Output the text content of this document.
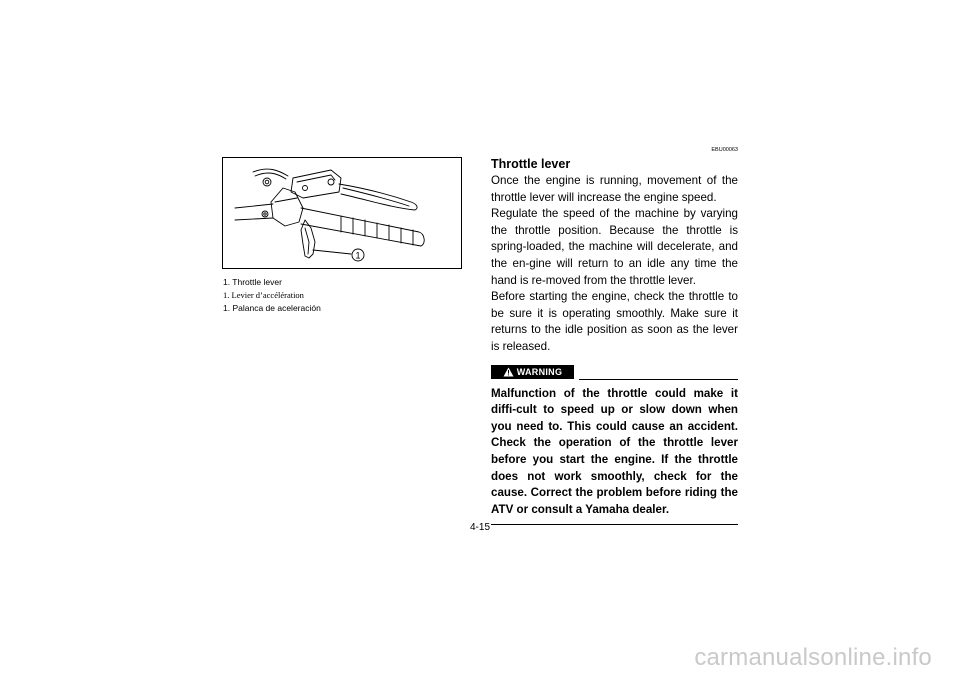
1
1. Throttle lever
1. Levier d’accélération
1. Palanca de aceleración
EBU00063
Throttle lever

Once the engine is running, movement of the throttle lever will increase the engine speed.

Regulate the speed of the machine by varying the throttle position. Because the throttle is spring-loaded, the machine will decelerate, and the en-gine will return to an idle any time the hand is re-moved from the throttle lever.

Before starting the engine, check the throttle to be sure it is operating smoothly. Make sure it returns to the idle position as soon as the lever is released.

WARNING

Malfunction of the throttle could make it diffi-cult to speed up or slow down when you need to. This could cause an accident. Check the operation of the throttle lever before you start the engine. If the throttle does not work smoothly, check for the cause. Correct the problem before riding the ATV or consult a Yamaha dealer.

4-15
carmanualsonline.info
